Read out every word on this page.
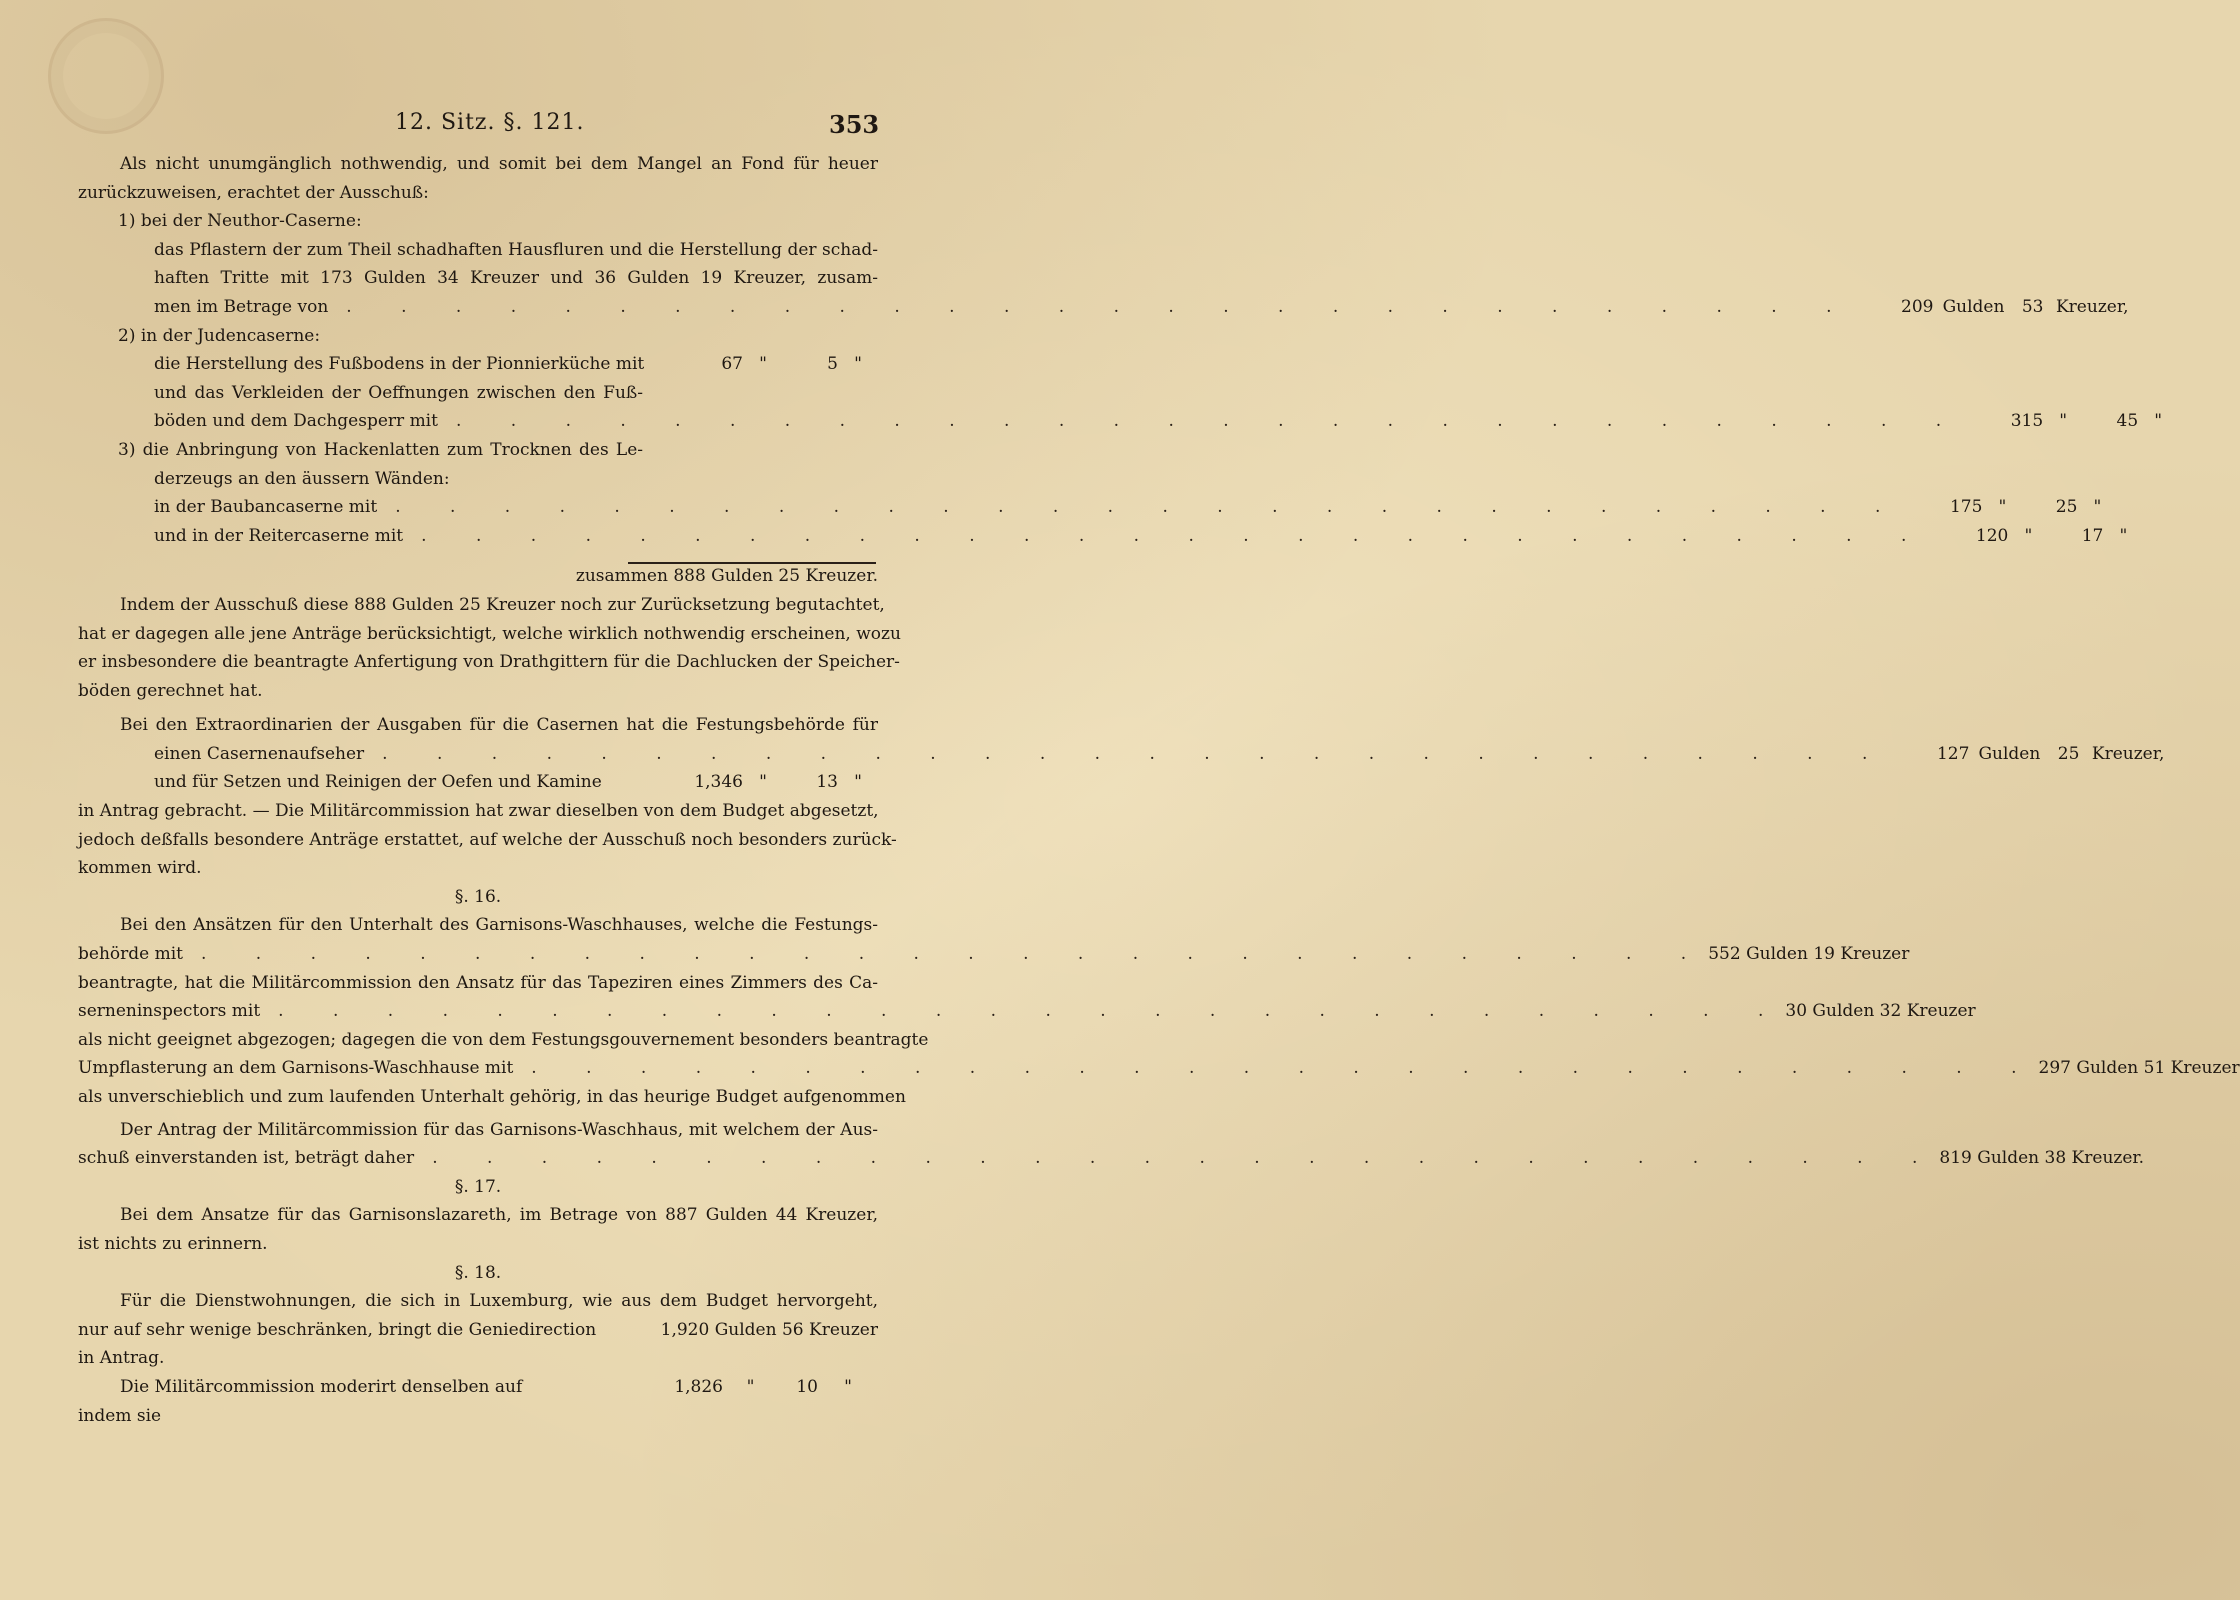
12. Sitz. §. 121.	353
Als nicht unumgänglich nothwendig, und somit bei dem Mangel an Fond für heuer
zurückzuweisen, erachtet der Ausschuß:
1) bei der Neuthor-Caserne:
das Pflastern der zum Theil schadhaften Hausfluren und die Herstellung der schad-
haften Tritte mit 173 Gulden 34 Kreuzer und 36 Gulden 19 Kreuzer, zusam-
men im Betrage von	. . . . . . . . . . . . . . . . . . . . . . . . . . . .	209 Gulden	53 Kreuzer,
2) in der Judencaserne:
die Herstellung des Fußbodens in der Pionnierküche mit	67 "	5 "
und das Verkleiden der Oeffnungen zwischen den Fuß-
böden und dem Dachgesperr mit	. . . . . . . . . . . . . . . . . . . . . . . . . . . .	315 "	45 "
3) die Anbringung von Hackenlatten zum Trocknen des Le-
derzeugs an den äussern Wänden:
in der Baubancaserne mit	. . . . . . . . . . . . . . . . . . . . . . . . . . . .	175 "	25 "
und in der Reitercaserne mit	. . . . . . . . . . . . . . . . . . . . . . . . . . . .	120 "	17 "
zusammen 888 Gulden 25 Kreuzer.
Indem der Ausschuß diese 888 Gulden 25 Kreuzer noch zur Zurücksetzung begutachtet,
hat er dagegen alle jene Anträge berücksichtigt, welche wirklich nothwendig erscheinen, wozu
er insbesondere die beantragte Anfertigung von Drathgittern für die Dachlucken der Speicher-
böden gerechnet hat.
Bei den Extraordinarien der Ausgaben für die Casernen hat die Festungsbehörde für
einen Casernenaufseher	. . . . . . . . . . . . . . . . . . . . . . . . . . . .	127 Gulden	25 Kreuzer,
und für Setzen und Reinigen der Oefen und Kamine	1,346 "	13 "
in Antrag gebracht. — Die Militärcommission hat zwar dieselben von dem Budget abgesetzt,
jedoch deßfalls besondere Anträge erstattet, auf welche der Ausschuß noch besonders zurück-
kommen wird.
§. 16.
Bei den Ansätzen für den Unterhalt des Garnisons-Waschhauses, welche die Festungs-
behörde mit	. . . . . . . . . . . . . . . . . . . . . . . . . . . . 552 Gulden 19 Kreuzer
beantragte, hat die Militärcommission den Ansatz für das Tapeziren eines Zimmers des Ca-
serneninspectors mit	. . . . . . . . . . . . . . . . . . . . . . . . . . . . 30 Gulden 32 Kreuzer
als nicht geeignet abgezogen; dagegen die von dem Festungsgouvernement besonders beantragte
Umpflasterung an dem Garnisons-Waschhause mit	. . . . . . . . . . . . . . . . . . . . . . . . . . . . 297 Gulden 51 Kreuzer
als unverschieblich und zum laufenden Unterhalt gehörig, in das heurige Budget aufgenommen
Der Antrag der Militärcommission für das Garnisons-Waschhaus, mit welchem der Aus-
schuß einverstanden ist, beträgt daher	. . . . . . . . . . . . . . . . . . . . . . . . . . . . 819 Gulden 38 Kreuzer.
§. 17.
Bei dem Ansatze für das Garnisonslazareth, im Betrage von 887 Gulden 44 Kreuzer,
ist nichts zu erinnern.
§. 18.
Für die Dienstwohnungen, die sich in Luxemburg, wie aus dem Budget hervorgeht,
nur auf sehr wenige beschränken, bringt die Geniedirection	1,920 Gulden 56 Kreuzer
in Antrag.
Die Militärcommission moderirt denselben auf	1,826	"	10	"
indem sie
